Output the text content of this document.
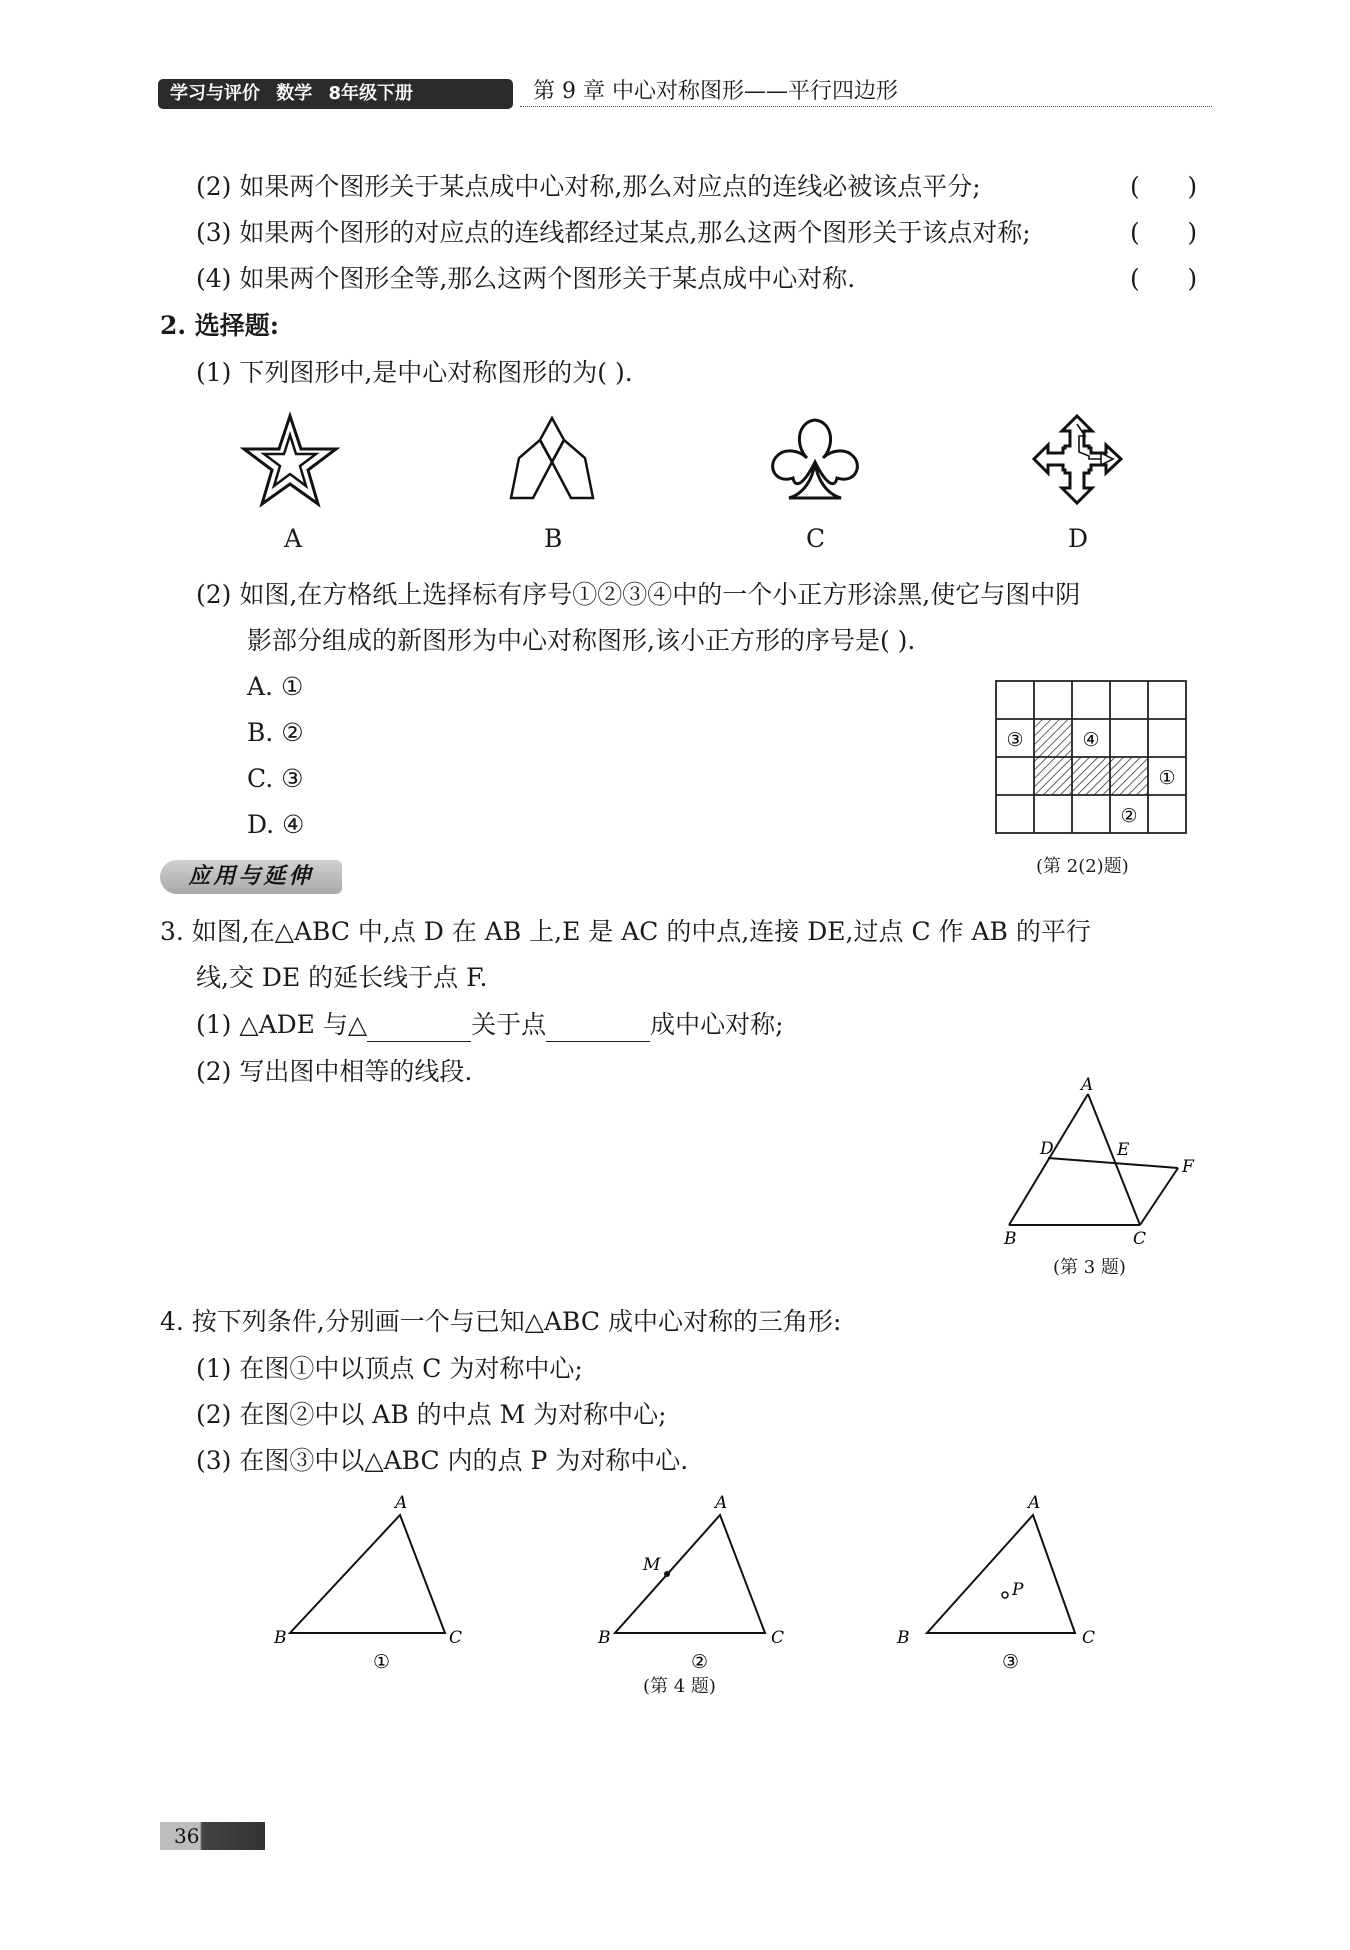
学习与评价 数学 8年级下册	第 9 章 中心对称图形——平行四边形
(2) 如果两个图形关于某点成中心对称,那么对应点的连线必被该点平分;	(      )
(3) 如果两个图形的对应点的连线都经过某点,那么这两个图形关于该点对称;	(      )
(4) 如果两个图形全等,那么这两个图形关于某点成中心对称.	(      )
2. 选择题:
(1) 下列图形中,是中心对称图形的为( ).
A	B	C	D
(2) 如图,在方格纸上选择标有序号①②③④中的一个小正方形涂黑,使它与图中阴
影部分组成的新图形为中心对称图形,该小正方形的序号是( ).
A. ①
B. ②
C. ③
D. ④
③	④
①
②
(第 2(2)题)
应用与延伸
3. 如图,在△ABC 中,点 D 在 AB 上,E 是 AC 的中点,连接 DE,过点 C 作 AB 的平行
线,交 DE 的延长线于点 F.
(1) △ADE 与△	关于点	成中心对称;
(2) 写出图中相等的线段.	A
D	E
F
B	C
(第 3 题)
4. 按下列条件,分别画一个与已知△ABC 成中心对称的三角形:
(1) 在图①中以顶点 C 为对称中心;
(2) 在图②中以 AB 的中点 M 为对称中心;
(3) 在图③中以△ABC 内的点 P 为对称中心.
A
B	C
A
B	C
M
A
B	C
P
①	②	③
(第 4 题)
36
